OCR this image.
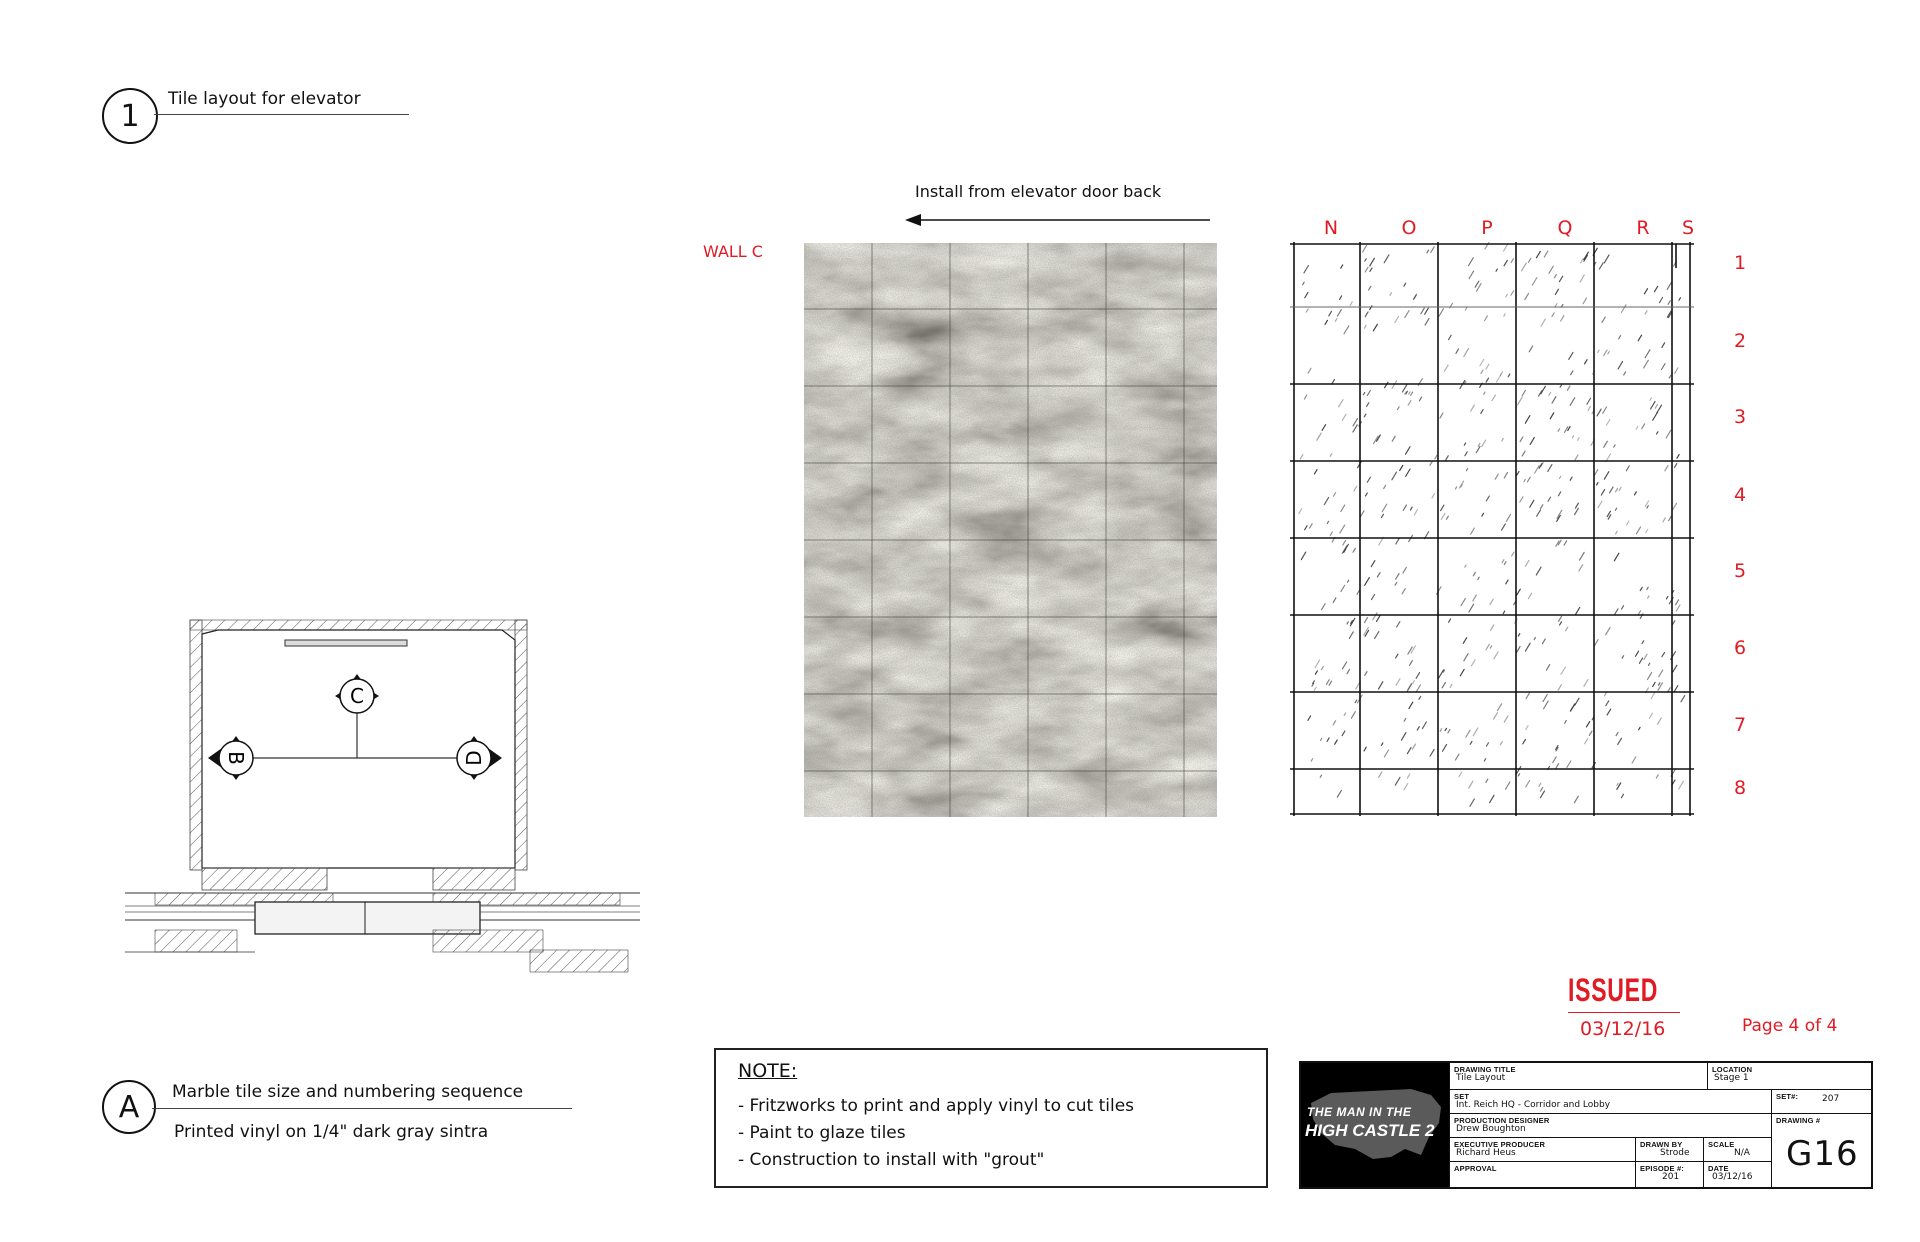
1 Tile layout for elevator
C
B	D
Install from elevator door back
WALL C
N	O	P	Q	R	S
1
2
3
4
5
6
7
8
A Marble tile size and numbering sequence
Printed vinyl on 1/4" dark gray sintra
NOTE:
- Fritzworks to print and apply vinyl to cut tiles
- Paint to glaze tiles
- Construction to install with "grout"
ISSUED
03/12/16	Page 4 of 4
THE MAN IN THE
HIGH CASTLE 2
DRAWING TITLE
Tile Layout
LOCATION
Stage 1
SET
Int. Reich HQ - Corridor and Lobby
SET#:	207
PRODUCTION DESIGNER
Drew Boughton
DRAWING #
G16
EXECUTIVE PRODUCER
Richard Heus
DRAWN BY
Strode
SCALE
N/A
APPROVAL	EPISODE #:
201
DATE
03/12/16
